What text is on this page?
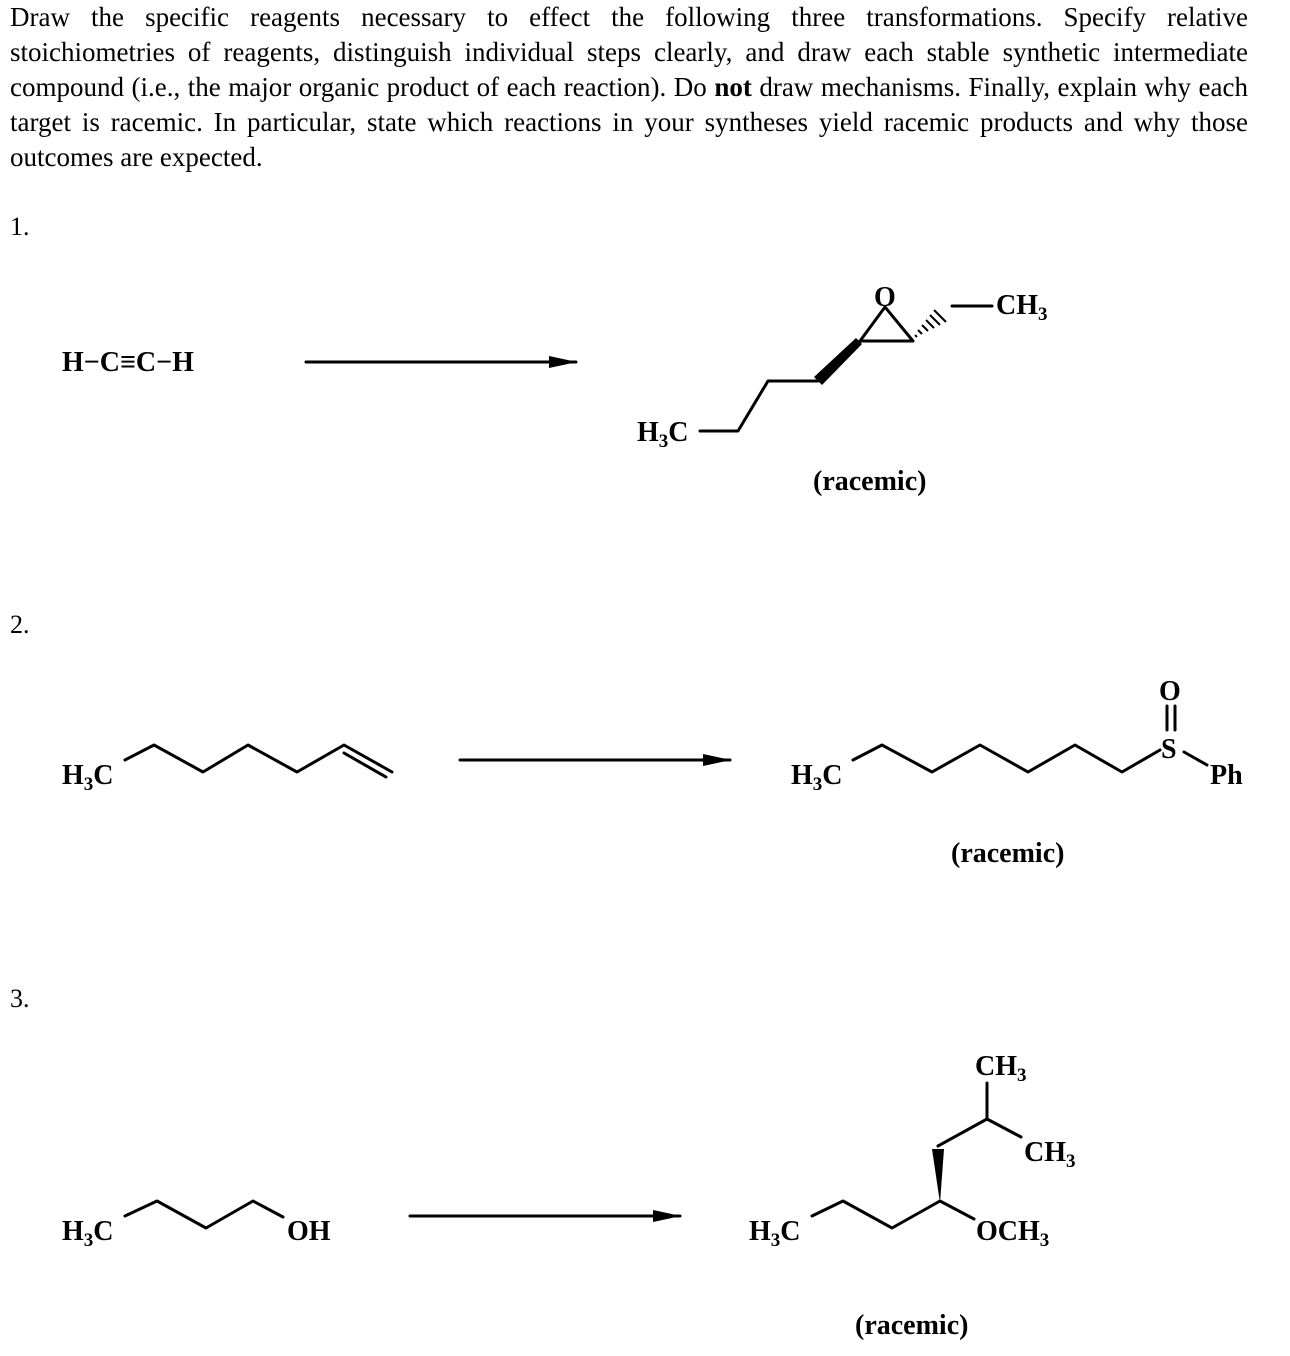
Draw the specific reagents necessary to effect the following three transformations. Specify relative stoichiometries of reagents, distinguish individual steps clearly, and draw each stable synthetic intermediate compound (i.e., the major organic product of each reaction). Do not draw mechanisms. Finally, explain why each target is racemic. In particular, state which reactions in your syntheses yield racemic products and why those outcomes are expected.

1.
2.
3.
H−C≡C−H
$H_3C$
O	$CH_3$
(racemic)
$H_3C$	$H_3C$
S
O
Ph
(racemic)
$H_3C$	OH	$H_3C$
$CH_3$
$CH_3$
$OCH_3$
(racemic)
